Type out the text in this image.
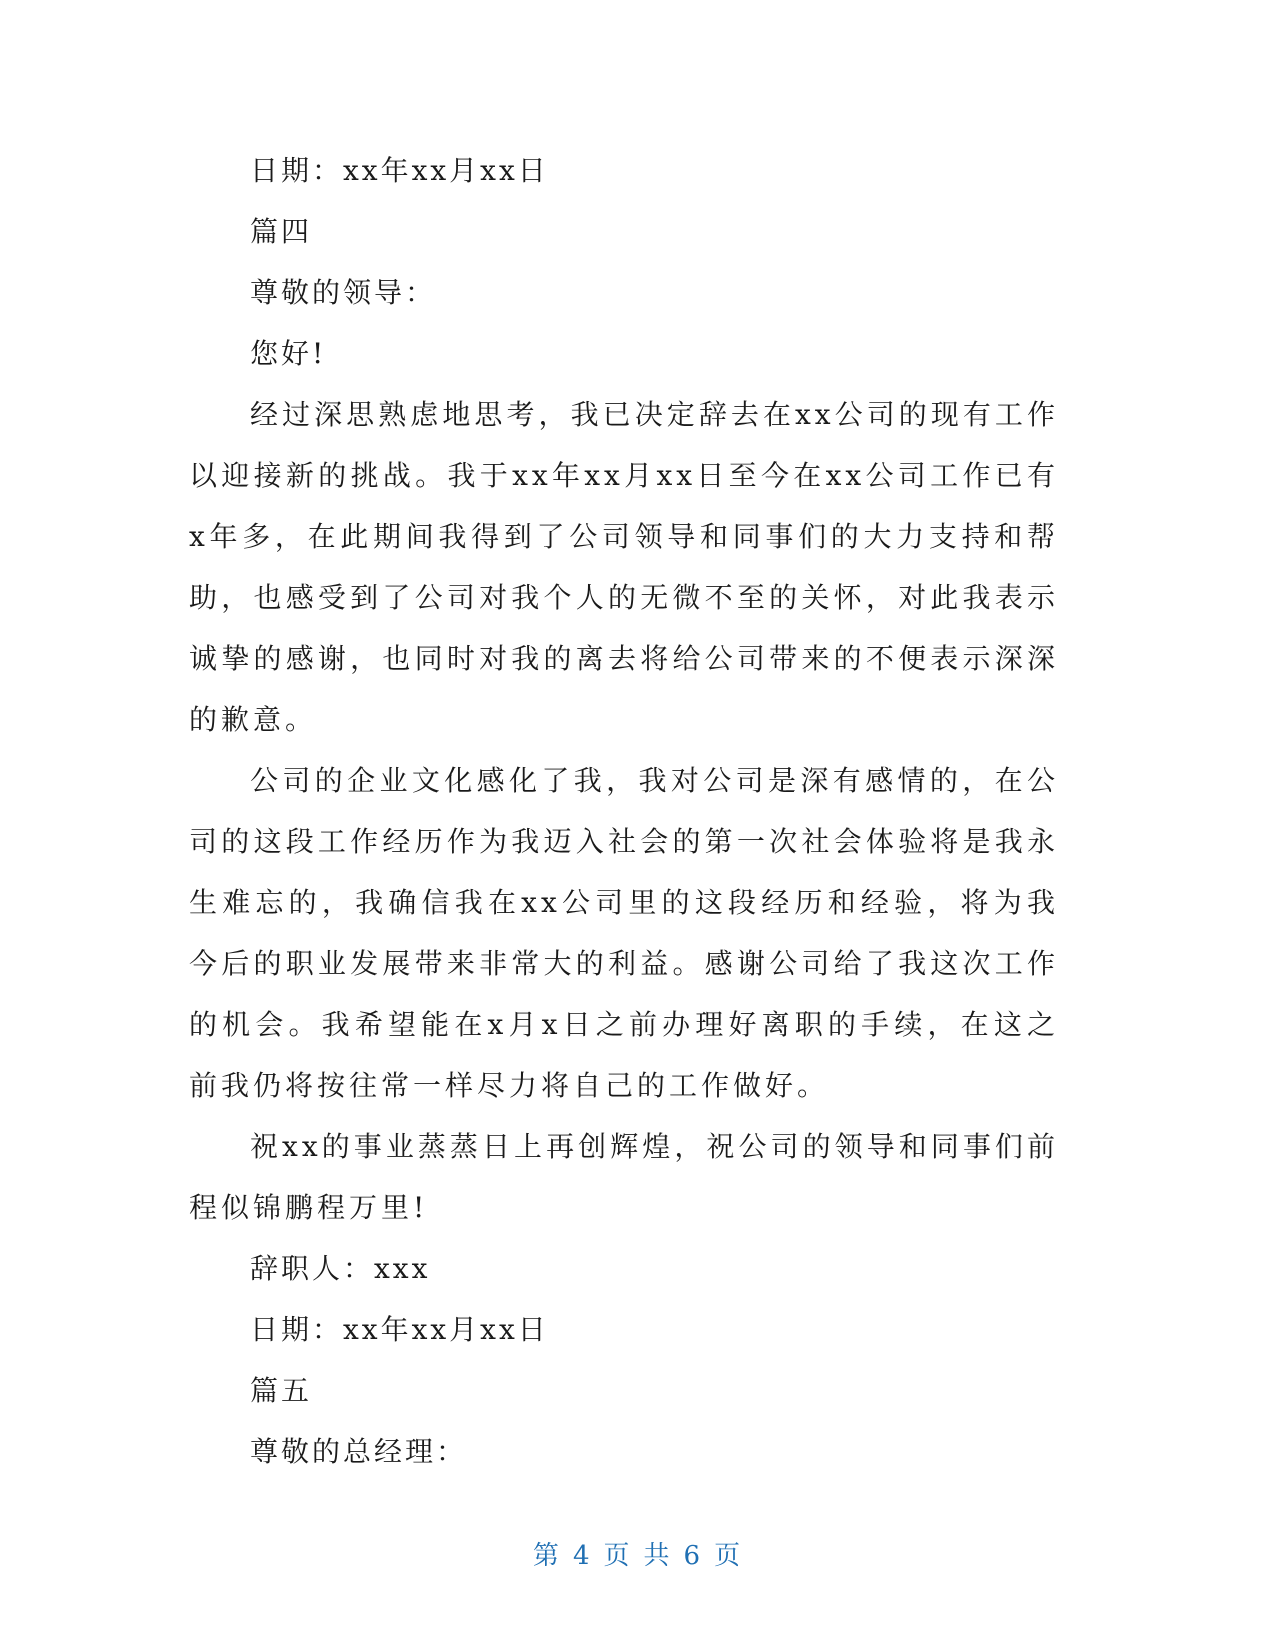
日期：xx年xx月xx日
篇四
尊敬的领导：
您好!
经过深思熟虑地思考，我已决定辞去在xx公司的现有工作以迎接新的挑战。我于xx年xx月xx日至今在xx公司工作已有x年多，在此期间我得到了公司领导和同事们的大力支持和帮助，也感受到了公司对我个人的无微不至的关怀，对此我表示诚挚的感谢，也同时对我的离去将给公司带来的不便表示深深的歉意。
公司的企业文化感化了我，我对公司是深有感情的，在公司的这段工作经历作为我迈入社会的第一次社会体验将是我永生难忘的，我确信我在xx公司里的这段经历和经验，将为我今后的职业发展带来非常大的利益。感谢公司给了我这次工作的机会。我希望能在x月x日之前办理好离职的手续，在这之前我仍将按往常一样尽力将自己的工作做好。
祝xx的事业蒸蒸日上再创辉煌，祝公司的领导和同事们前程似锦鹏程万里!
辞职人：xxx
日期：xx年xx月xx日
篇五
尊敬的总经理：
第 4 页 共 6 页
